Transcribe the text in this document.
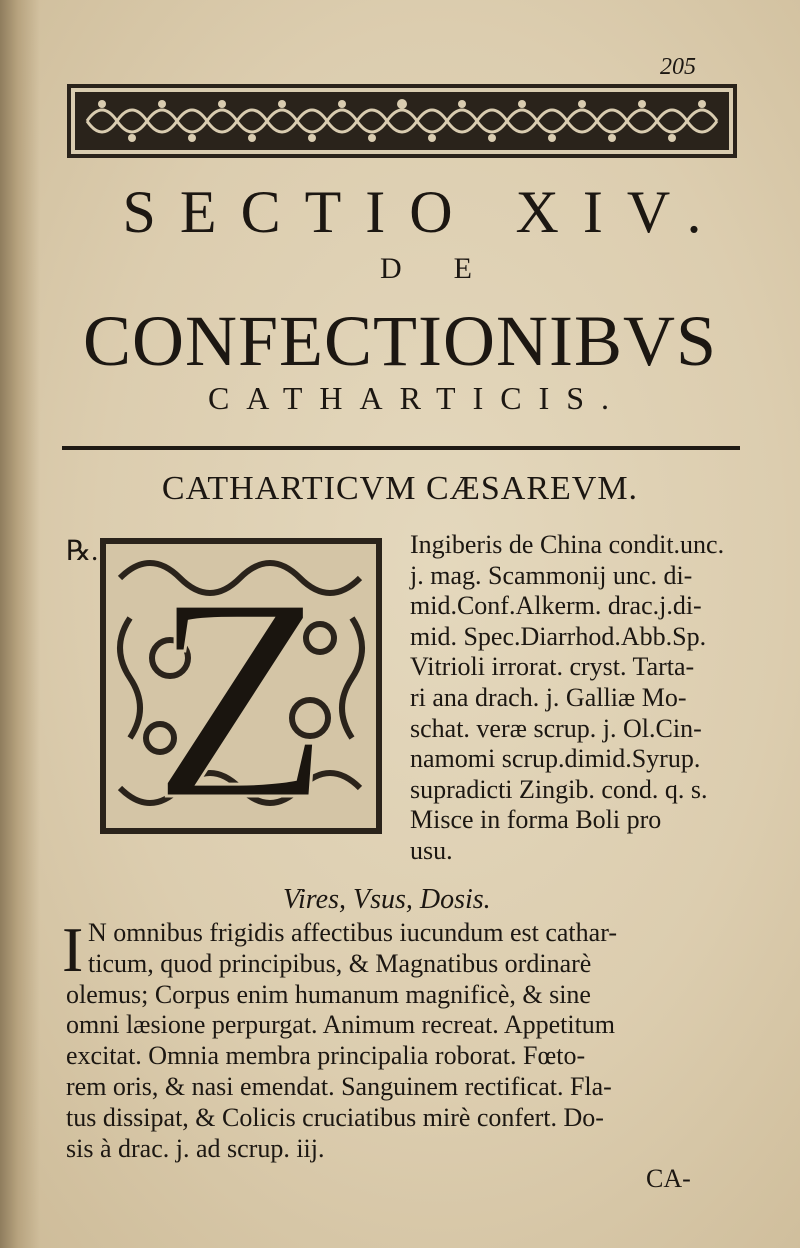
205
SECTIO XIV.
DE
CONFECTIONIBVS
CATHARTICIS.
CATHARTICVM CÆSAREVM.
℞. Z	Ingiberis de China condit.unc.
j. mag. Scammonij unc. di-
mid.Conf.Alkerm. drac.j.di-
mid. Spec.Diarrhod.Abb.Sp.
Vitrioli irrorat. cryst. Tarta-
ri ana drach. j. Galliæ Mo-
schat. veræ scrup. j. Ol.Cin-
namomi scrup.dimid.Syrup.
supradicti Zingib. cond. q. s.
Misce in forma Boli pro
usu.
Vires, Vsus, Dosis.
I N omnibus frigidis affectibus iucundum est cathar-
ticum, quod principibus, & Magnatibus ordinarè
olemus; Corpus enim humanum magnificè, & sine
omni læsione perpurgat. Animum recreat. Appetitum
excitat. Omnia membra principalia roborat. Fœto-
rem oris, & nasi emendat. Sanguinem rectificat. Fla-
tus dissipat, & Colicis cruciatibus mirè confert. Do-
sis à drac. j. ad scrup. iij.
CA-
